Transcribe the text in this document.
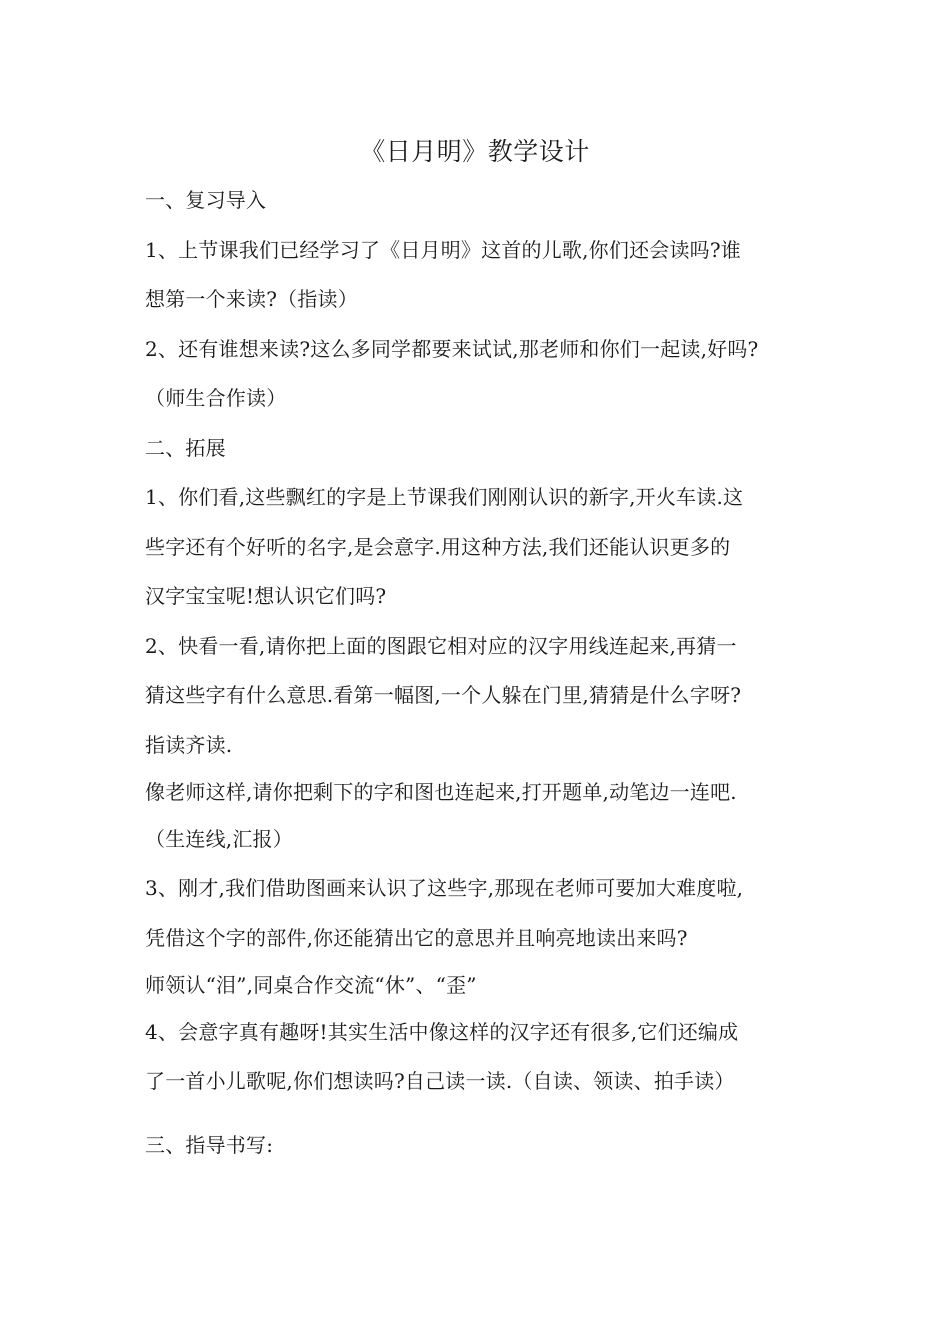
《日月明》教学设计
一、复习导入
1、上节课我们已经学习了《日月明》这首的儿歌,你们还会读吗?谁
想第一个来读?（指读）
2、还有谁想来读?这么多同学都要来试试,那老师和你们一起读,好吗?
（师生合作读）
二、拓展
1、你们看,这些飘红的字是上节课我们刚刚认识的新字,开火车读.这
些字还有个好听的名字,是会意字.用这种方法,我们还能认识更多的
汉字宝宝呢!想认识它们吗?
2、快看一看,请你把上面的图跟它相对应的汉字用线连起来,再猜一
猜这些字有什么意思.看第一幅图,一个人躲在门里,猜猜是什么字呀?
指读齐读.
像老师这样,请你把剩下的字和图也连起来,打开题单,动笔边一连吧.
（生连线,汇报）
3、刚才,我们借助图画来认识了这些字,那现在老师可要加大难度啦,
凭借这个字的部件,你还能猜出它的意思并且响亮地读出来吗?
师领认“泪”,同桌合作交流“休”、“歪”
4、会意字真有趣呀!其实生活中像这样的汉字还有很多,它们还编成
了一首小儿歌呢,你们想读吗?自己读一读.（自读、领读、拍手读）
三、指导书写:
